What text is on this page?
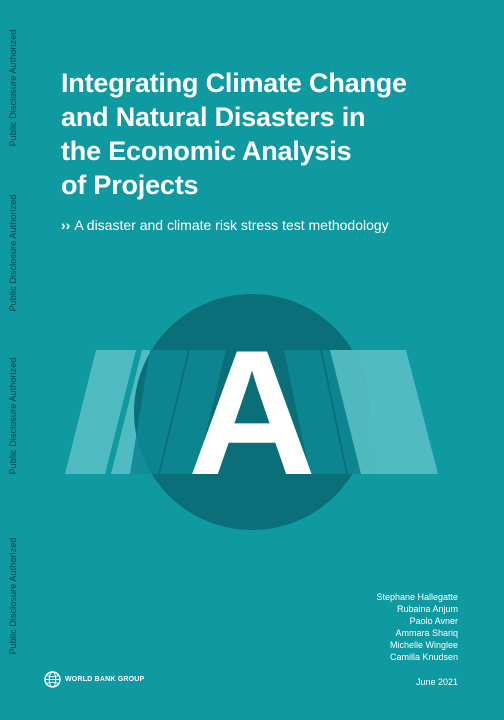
Public Disclosure Authorized
Public Disclosure Authorized
Public Disclosure Authorized
Public Disclosure Authorized
Integrating Climate Change
and Natural Disasters in
the Economic Analysis
of Projects
›› A disaster and climate risk stress test methodology
A
Stephane Hallegatte
Rubaina Anjum
Paolo Avner
Ammara Shariq
Michelle Winglee
Camilla Knudsen
WORLD BANK GROUP	June 2021
